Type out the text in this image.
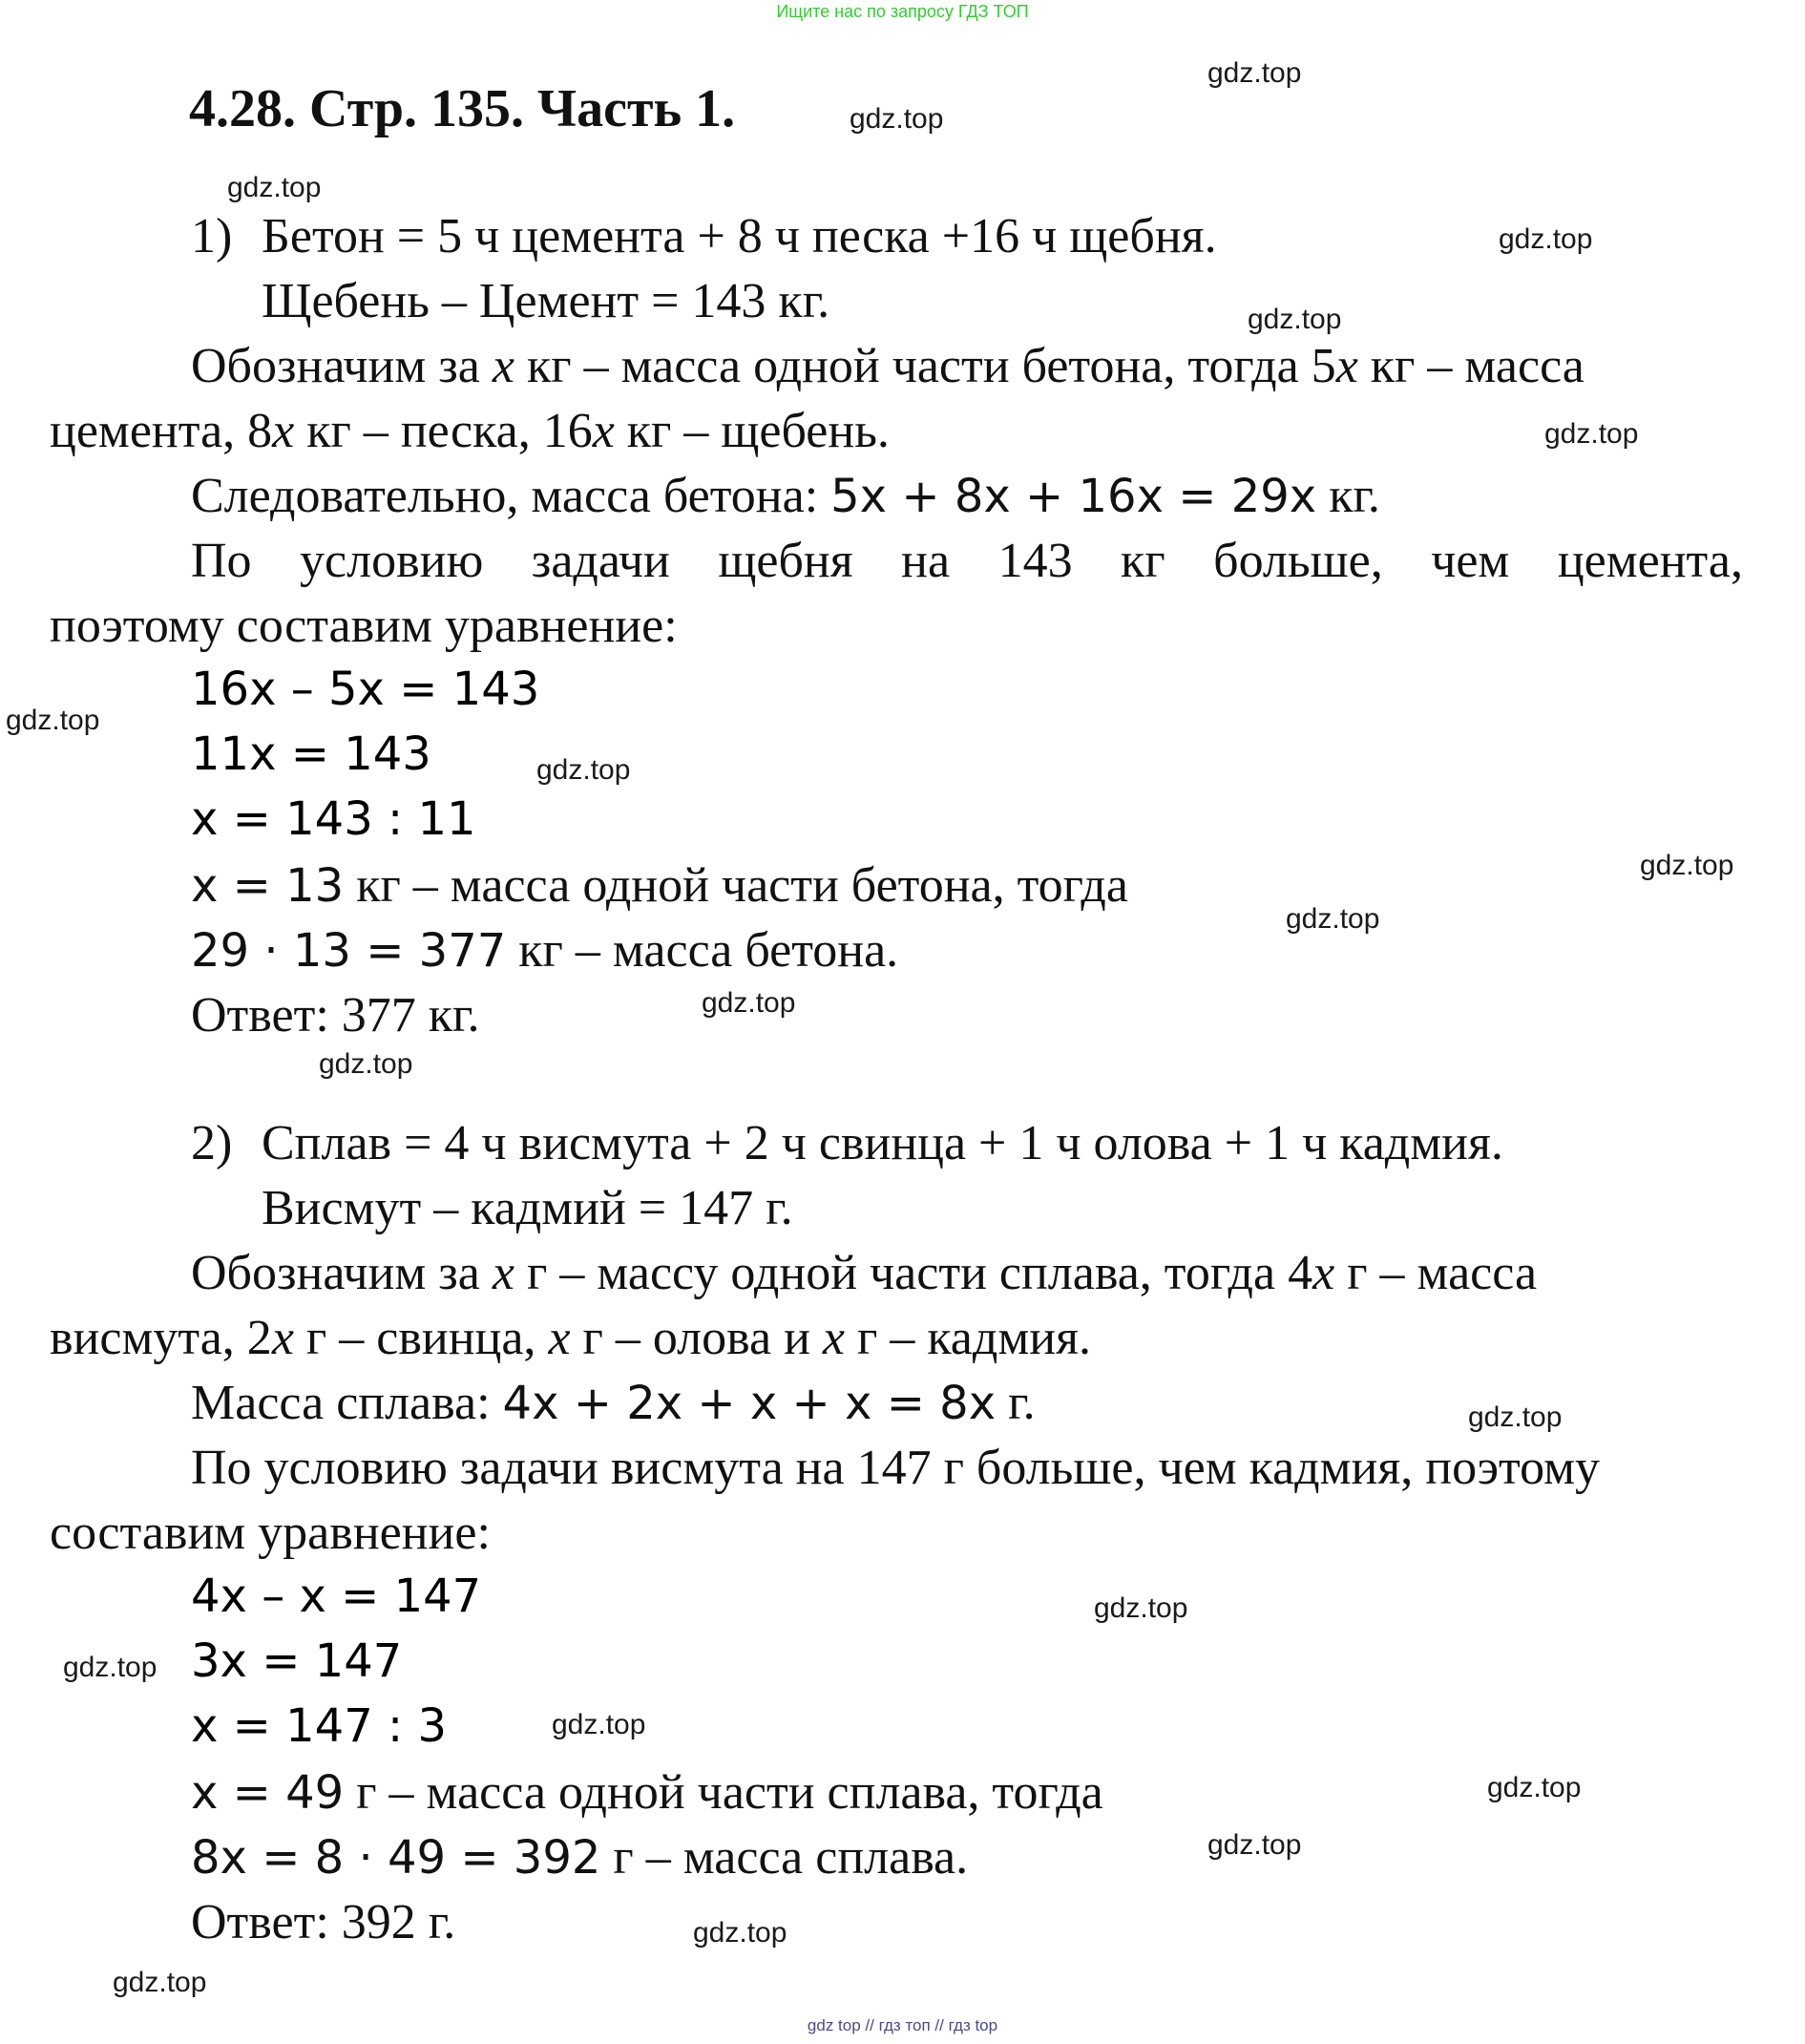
Ищите нас по запросу ГДЗ ТОП
4.28. Стр. 135. Часть 1.
1) Бетон = 5 ч цемента + 8 ч песка +16 ч щебня.
Щебень – Цемент = 143 кг.
Обозначим за x кг – масса одной части бетона, тогда 5x кг – масса
цемента, 8x кг – песка, 16x кг – щебень.
Следовательно, масса бетона: 5x + 8x + 16x = 29x кг.
По условию задачи щебня на 143 кг больше, чем цемента,
поэтому составим уравнение:
16x – 5x = 143
11x = 143
x = 143 : 11
x = 13 кг – масса одной части бетона, тогда
29 · 13 = 377 кг – масса бетона.
Ответ: 377 кг.
2) Сплав = 4 ч висмута + 2 ч свинца + 1 ч олова + 1 ч кадмия.
Висмут – кадмий = 147 г.
Обозначим за x г – массу одной части сплава, тогда 4x г – масса
висмута, 2x г – свинца, x г – олова и x г – кадмия.
Масса сплава: 4x + 2x + x + x = 8x г.
По условию задачи висмута на 147 г больше, чем кадмия, поэтому
составим уравнение:
4x – x = 147
3x = 147
x = 147 : 3
x = 49 г – масса одной части сплава, тогда
8x = 8 · 49 = 392 г – масса сплава.
Ответ: 392 г.
gdz.top
gdz.top
gdz.top
gdz.top
gdz.top
gdz.top
gdz.top
gdz.top
gdz.top
gdz.top
gdz.top
gdz.top
gdz.top
gdz.top
gdz.top
gdz.top
gdz.top
gdz.top
gdz.top
gdz.top
gdz top // гдз топ // гдз top
